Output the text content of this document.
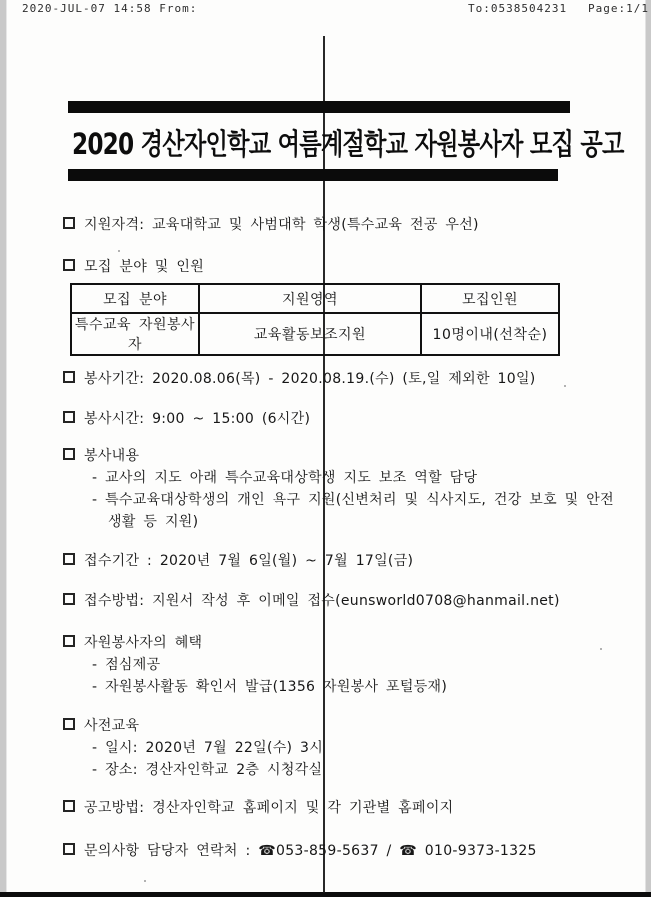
2020-JUL-07 14:58 From:	To:0538504231 Page:1/1
2020 경산자인학교 여름계절학교 자원봉사자 모집 공고
지원자격: 교육대학교 및 사범대학 학생(특수교육 전공 우선)
모집 분야 및 인원
모집 분야	지원영역	모집인원
특수교육 자원봉사자	교육활동보조지원	10명이내(선착순)
봉사기간: 2020.08.06(목) - 2020.08.19.(수) (토,일 제외한 10일)
봉사시간: 9:00 ~ 15:00 (6시간)
봉사내용
- 교사의 지도 아래 특수교육대상학생 지도 보조 역할 담당
- 특수교육대상학생의 개인 욕구 지원(신변처리 및 식사지도, 건강 보호 및 안전
생활 등 지원)
접수기간 : 2020년 7월 6일(월) ~ 7월 17일(금)
접수방법: 지원서 작성 후 이메일 접수(eunsworld0708@hanmail.net)
자원봉사자의 혜택
- 점심제공
- 자원봉사활동 확인서 발급(1356 자원봉사 포털등재)
사전교육
- 일시: 2020년 7월 22일(수) 3시
- 장소: 경산자인학교 2층 시청각실
공고방법: 경산자인학교 홈페이지 및 각 기관별 홈페이지
문의사항 담당자 연락처 : ☎053-859-5637 / ☎ 010-9373-1325
